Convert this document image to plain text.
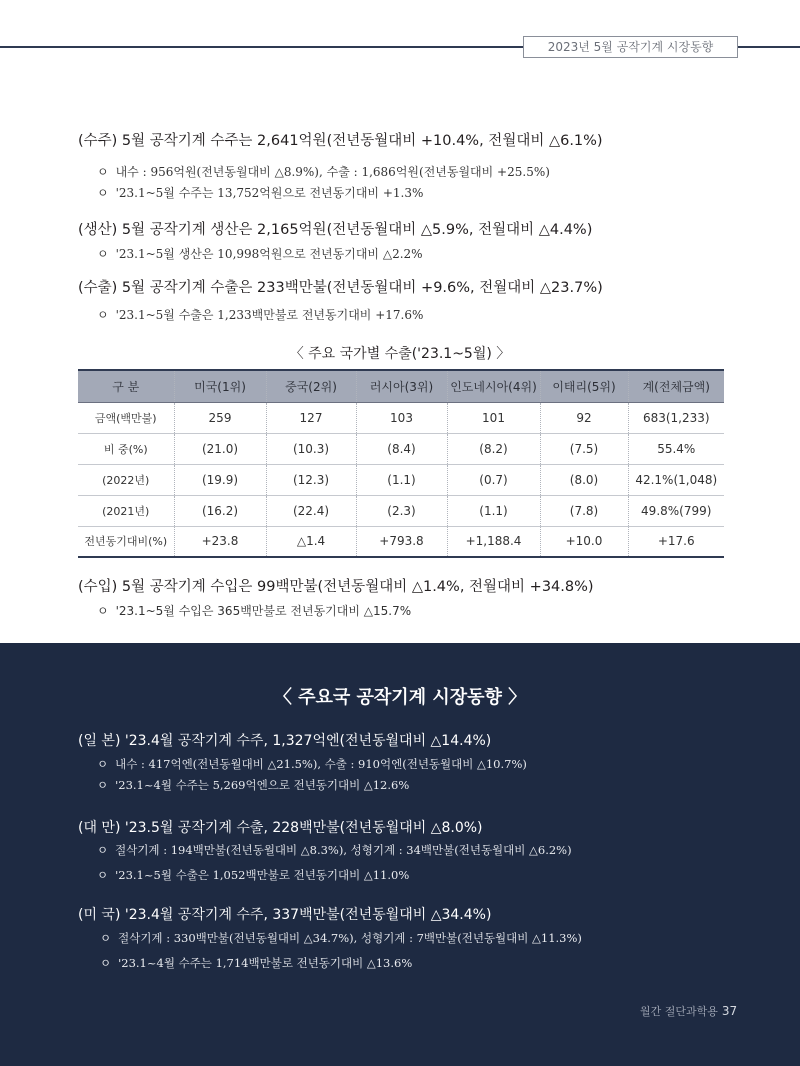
2023년 5월 공작기계 시장동향
(수주) 5월 공작기계 수주는 2,641억원(전년동월대비 +10.4%, 전월대비 △6.1%)
ㅇ 내수 : 956억원(전년동월대비 △8.9%), 수출 : 1,686억원(전년동월대비 +25.5%)
ㅇ '23.1~5월 수주는 13,752억원으로 전년동기대비 +1.3%
(생산) 5월 공작기계 생산은 2,165억원(전년동월대비 △5.9%, 전월대비 △4.4%)
ㅇ '23.1~5월 생산은 10,998억원으로 전년동기대비 △2.2%
(수출) 5월 공작기계 수출은 233백만불(전년동월대비 +9.6%, 전월대비 △23.7%)
ㅇ '23.1~5월 수출은 1,233백만불로 전년동기대비 +17.6%
〈 주요 국가별 수출('23.1~5월) 〉
구 분	미국(1위)	중국(2위)	러시아(3위)	인도네시아(4위)	이태리(5위)	계(전체금액)
금액(백만불)	259	127	103	101	92	683(1,233)
비 중(%)	(21.0)	(10.3)	(8.4)	(8.2)	(7.5)	55.4%
(2022년)	(19.9)	(12.3)	(1.1)	(0.7)	(8.0)	42.1%(1,048)
(2021년)	(16.2)	(22.4)	(2.3)	(1.1)	(7.8)	49.8%(799)
전년동기대비(%)	+23.8	△1.4	+793.8	+1,188.4	+10.0	+17.6
(수입) 5월 공작기계 수입은 99백만불(전년동월대비 △1.4%, 전월대비 +34.8%)
ㅇ '23.1~5월 수입은 365백만불로 전년동기대비 △15.7%
〈 주요국 공작기계 시장동향 〉
(일 본) '23.4월 공작기계 수주, 1,327억엔(전년동월대비 △14.4%)
ㅇ 내수 : 417억엔(전년동월대비 △21.5%), 수출 : 910억엔(전년동월대비 △10.7%)
ㅇ '23.1~4월 수주는 5,269억엔으로 전년동기대비 △12.6%
(대 만) '23.5월 공작기계 수출, 228백만불(전년동월대비 △8.0%)
ㅇ 절삭기계 : 194백만불(전년동월대비 △8.3%), 성형기계 : 34백만불(전년동월대비 △6.2%)
ㅇ '23.1~5월 수출은 1,052백만불로 전년동기대비 △11.0%
(미 국) '23.4월 공작기계 수주, 337백만불(전년동월대비 △34.4%)
ㅇ 절삭기계 : 330백만불(전년동월대비 △34.7%), 성형기계 : 7백만불(전년동월대비 △11.3%)
ㅇ '23.1~4월 수주는 1,714백만불로 전년동기대비 △13.6%
월간 절단과학용 37
